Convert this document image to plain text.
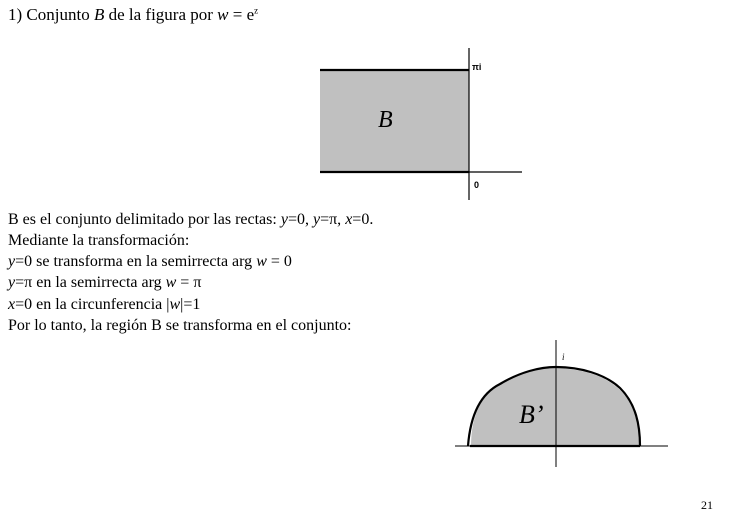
1) Conjunto B de la figura por $w = e^z$
B
πi
0
B’
i
B es el conjunto delimitado por las rectas: y=0, y=π, x=0.
Mediante la transformación:
y=0 se transforma en la semirrecta arg w = 0
y=π en la semirrecta arg w = π
x=0 en la circunferencia |w|=1
Por lo tanto, la región B se transforma en el conjunto:
21
